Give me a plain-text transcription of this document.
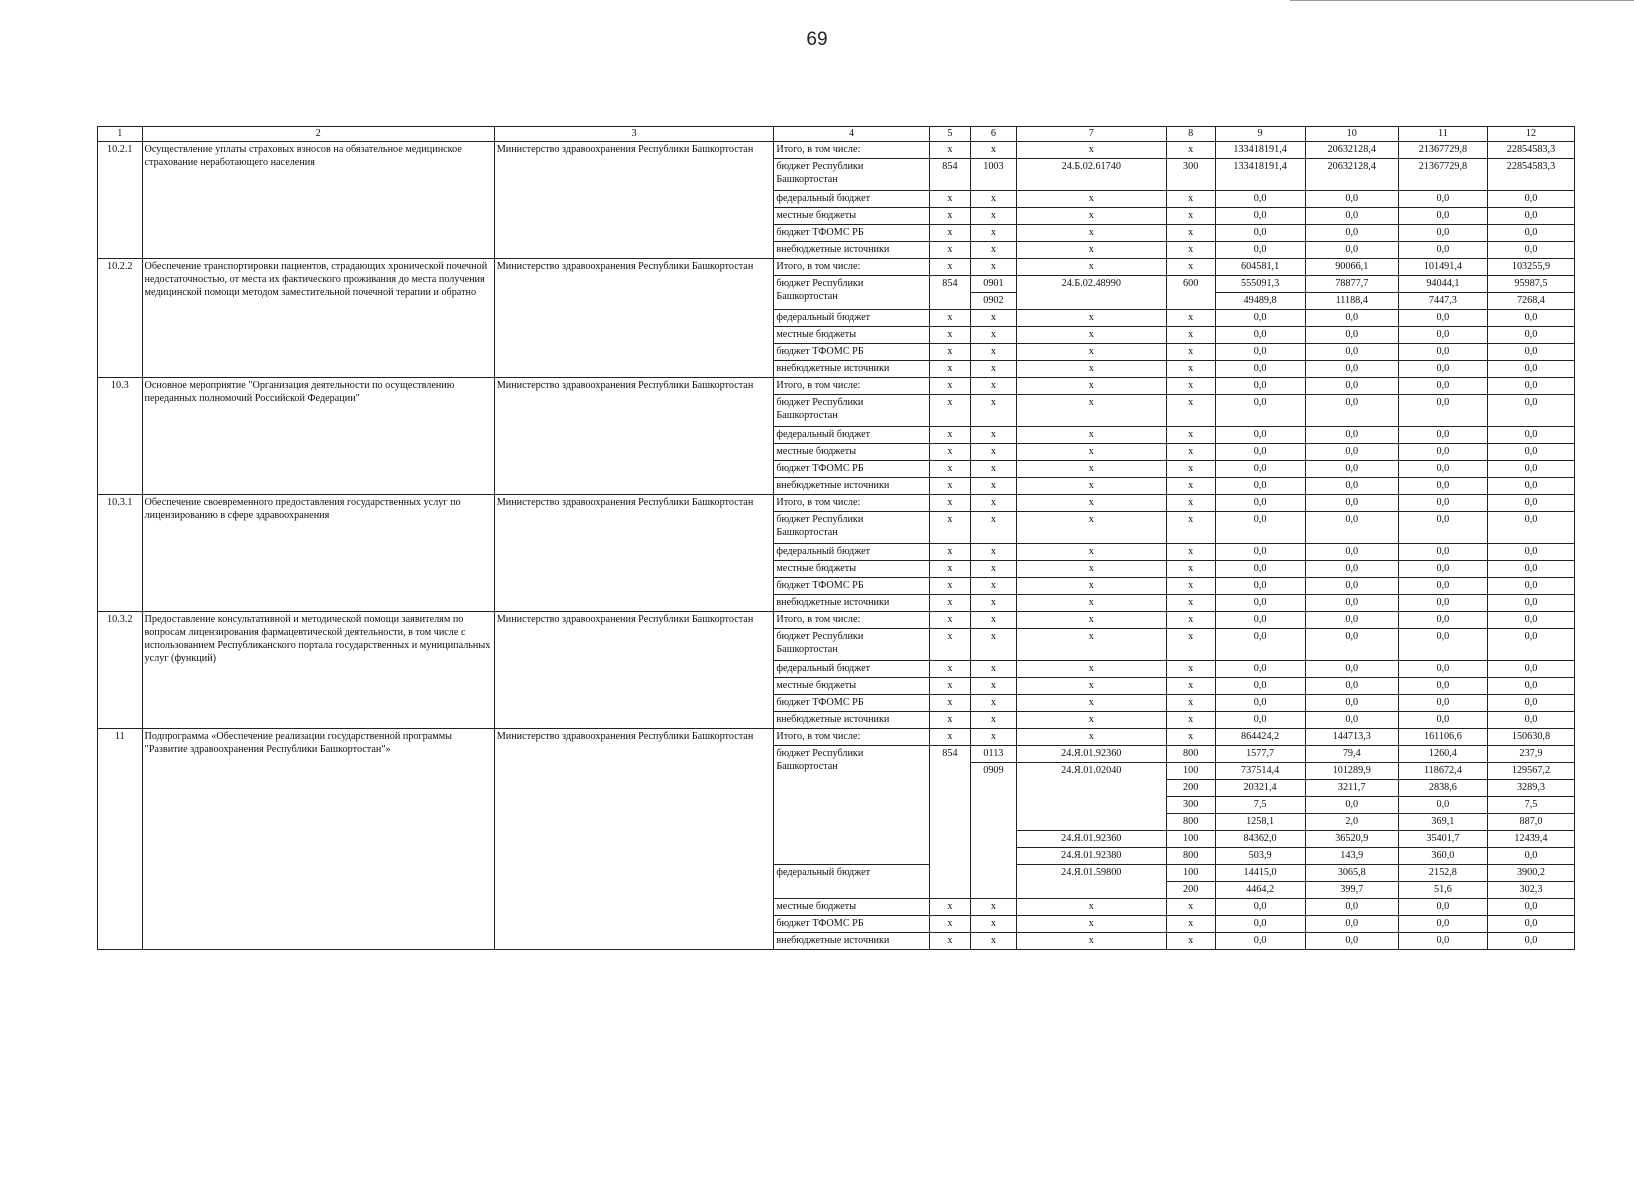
69
1	2	3	4	5	6	7	8	9	10	11	12
10.2.1	Осуществление уплаты страховых взносов на обязательное медицинское страхование неработающего населения	Министерство здравоохранения Республики Башкортостан	Итого, в том числе:	х	х	х	х	133418191,4	20632128,4	21367729,8	22854583,3
			бюджет Республики Башкортостан	854	1003	24.Б.02.61740	300	133418191,4	20632128,4	21367729,8	22854583,3
			федеральный бюджет	х	х	х	х	0,0	0,0	0,0	0,0
			местные бюджеты	х	х	х	х	0,0	0,0	0,0	0,0
			бюджет ТФОМС РБ	х	х	х	х	0,0	0,0	0,0	0,0
			внебюджетные источники	х	х	х	х	0,0	0,0	0,0	0,0
10.2.2	Обеспечение транспортировки пациентов, страдающих хронической почечной недостаточностью, от места их фактического проживания до места получения медицинской помощи методом заместительной почечной терапии и обратно	Министерство здравоохранения Республики Башкортостан	Итого, в том числе:	х	х	х	х	604581,1	90066,1	101491,4	103255,9
			бюджет Республики Башкортостан	854	0901	24.Б.02.48990	600	555091,3	78877,7	94044,1	95987,5
					0902			49489,8	11188,4	7447,3	7268,4
			федеральный бюджет	х	х	х	х	0,0	0,0	0,0	0,0
			местные бюджеты	х	х	х	х	0,0	0,0	0,0	0,0
			бюджет ТФОМС РБ	х	х	х	х	0,0	0,0	0,0	0,0
			внебюджетные источники	х	х	х	х	0,0	0,0	0,0	0,0
10.3	Основное мероприятие "Организация деятельности по осуществлению переданных полномочий Российской Федерации"	Министерство здравоохранения Республики Башкортостан	Итого, в том числе:	х	х	х	х	0,0	0,0	0,0	0,0
			бюджет Республики Башкортостан	х	х	х	х	0,0	0,0	0,0	0,0
			федеральный бюджет	х	х	х	х	0,0	0,0	0,0	0,0
			местные бюджеты	х	х	х	х	0,0	0,0	0,0	0,0
			бюджет ТФОМС РБ	х	х	х	х	0,0	0,0	0,0	0,0
			внебюджетные источники	х	х	х	х	0,0	0,0	0,0	0,0
10.3.1	Обеспечение своевременного предоставления государственных услуг по лицензированию в сфере здравоохранения	Министерство здравоохранения Республики Башкортостан	Итого, в том числе:	х	х	х	х	0,0	0,0	0,0	0,0
			бюджет Республики Башкортостан	х	х	х	х	0,0	0,0	0,0	0,0
			федеральный бюджет	х	х	х	х	0,0	0,0	0,0	0,0
			местные бюджеты	х	х	х	х	0,0	0,0	0,0	0,0
			бюджет ТФОМС РБ	х	х	х	х	0,0	0,0	0,0	0,0
			внебюджетные источники	х	х	х	х	0,0	0,0	0,0	0,0
10.3.2	Предоставление консультативной и методической помощи заявителям по вопросам лицензирования фармацевтической деятельности, в том числе с использованием Республиканского портала государственных и муниципальных услуг (функций)	Министерство здравоохранения Республики Башкортостан	Итого, в том числе:	х	х	х	х	0,0	0,0	0,0	0,0
			бюджет Республики Башкортостан	х	х	х	х	0,0	0,0	0,0	0,0
			федеральный бюджет	х	х	х	х	0,0	0,0	0,0	0,0
			местные бюджеты	х	х	х	х	0,0	0,0	0,0	0,0
			бюджет ТФОМС РБ	х	х	х	х	0,0	0,0	0,0	0,0
			внебюджетные источники	х	х	х	х	0,0	0,0	0,0	0,0
11	Подпрограмма «Обеспечение реализации государственной программы "Развитие здравоохранения Республики Башкортостан"»	Министерство здравоохранения Республики Башкортостан	Итого, в том числе:	х	х	х	х	864424,2	144713,3	161106,6	150630,8
			бюджет Республики Башкортостан	854	0113	24.Я.01.92360	800	1577,7	79,4	1260,4	237,9
					0909	24.Я.01.02040	100	737514,4	101289,9	118672,4	129567,2
							200	20321,4	3211,7	2838,6	3289,3
							300	7,5	0,0	0,0	7,5
							800	1258,1	2,0	369,1	887,0
						24.Я.01.92360	100	84362,0	36520,9	35401,7	12439,4
						24.Я.01.92380	800	503,9	143,9	360,0	0,0
			федеральный бюджет			24.Я.01.59800	100	14415,0	3065,8	2152,8	3900,2
							200	4464,2	399,7	51,6	302,3
			местные бюджеты	х	х	х	х	0,0	0,0	0,0	0,0
			бюджет ТФОМС РБ	х	х	х	х	0,0	0,0	0,0	0,0
			внебюджетные источники	х	х	х	х	0,0	0,0	0,0	0,0
